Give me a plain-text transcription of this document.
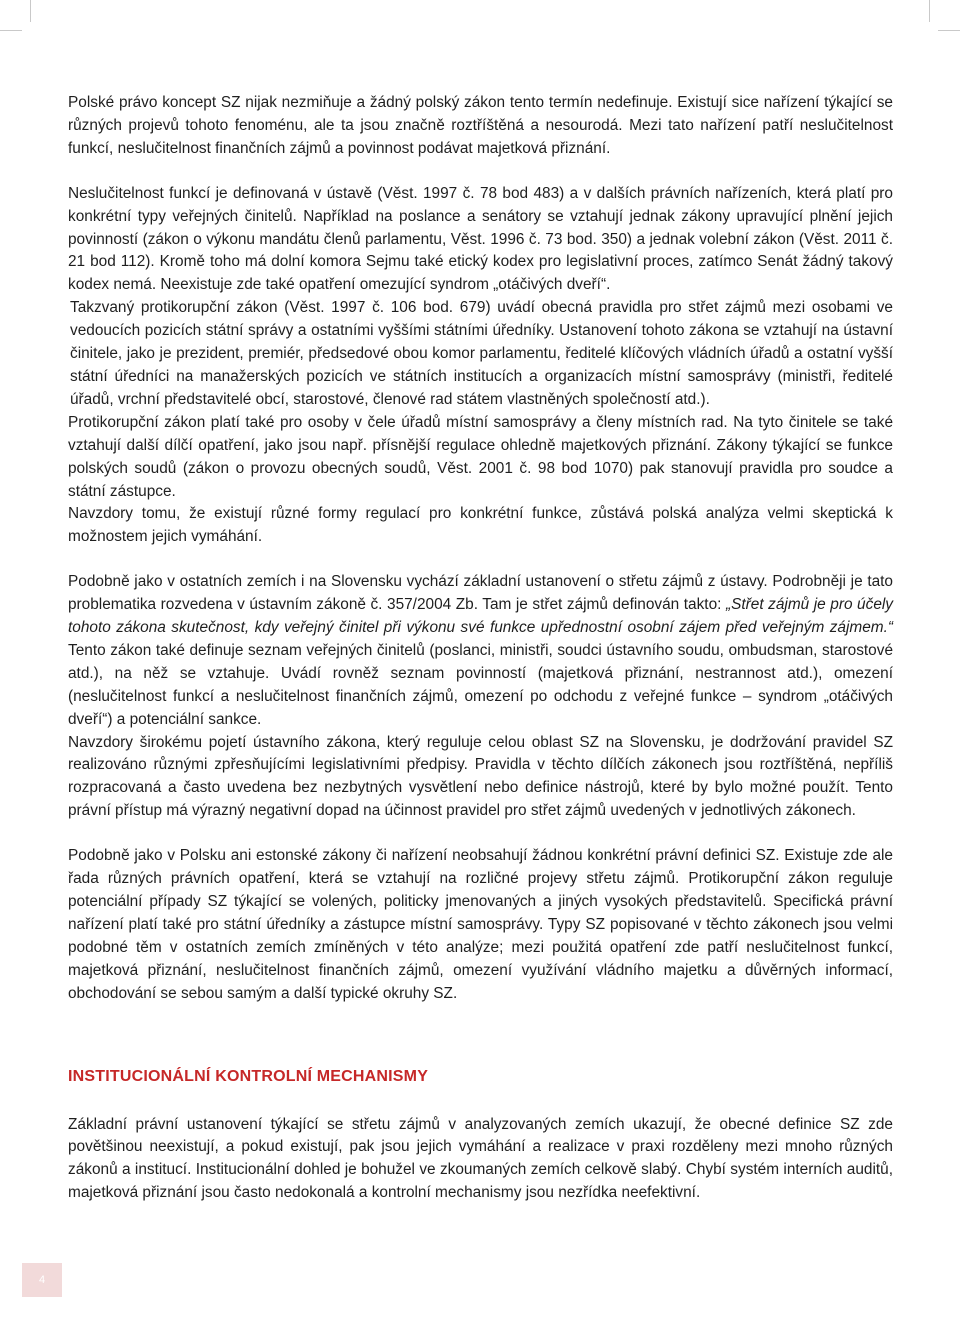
Polské právo koncept SZ nijak nezmiňuje a žádný polský zákon tento termín nedefinuje. Existují sice nařízení týkající se různých projevů tohoto fenoménu, ale ta jsou značně roztříštěná a nesourodá. Mezi tato nařízení patří neslučitelnost funkcí, neslučitelnost finančních zájmů a povinnost podávat majetková přiznání.

Neslučitelnost funkcí je definovaná v ústavě (Věst. 1997 č. 78 bod 483) a v dalších právních nařízeních, která platí pro konkrétní typy veřejných činitelů. Například na poslance a senátory se vztahují jednak zákony upravující plnění jejich povinností (zákon o výkonu mandátu členů parlamentu, Věst. 1996 č. 73 bod. 350) a jednak volební zákon (Věst. 2011 č. 21 bod 112). Kromě toho má dolní komora Sejmu také etický kodex pro legislativní proces, zatímco Senát žádný takový kodex nemá. Neexistuje zde také opatření omezující syndrom „otáčivých dveří“.

Takzvaný protikorupční zákon (Věst. 1997 č. 106 bod. 679) uvádí obecná pravidla pro střet zájmů mezi osobami ve vedoucích pozicích státní správy a ostatními vyššími státními úředníky. Ustanovení tohoto zákona se vztahují na ústavní činitele, jako je prezident, premiér, předsedové obou komor parlamentu, ředitelé klíčových vládních úřadů a ostatní vyšší státní úředníci na manažerských pozicích ve státních institucích a organizacích místní samosprávy (ministři, ředitelé úřadů, vrchní představitelé obcí, starostové, členové rad státem vlastněných společností atd.).

Protikorupční zákon platí také pro osoby v čele úřadů místní samosprávy a členy místních rad. Na tyto činitele se také vztahují další dílčí opatření, jako jsou např. přísnější regulace ohledně majetkových přiznání. Zákony týkající se funkce polských soudů (zákon o provozu obecných soudů, Věst. 2001 č. 98 bod 1070) pak stanovují pravidla pro soudce a státní zástupce.

Navzdory tomu, že existují různé formy regulací pro konkrétní funkce, zůstává polská analýza velmi skeptická k možnostem jejich vymáhání.

Podobně jako v ostatních zemích i na Slovensku vychází základní ustanovení o střetu zájmů z ústavy. Podrobněji je tato problematika rozvedena v ústavním zákoně č. 357/2004 Zb. Tam je střet zájmů definován takto: „Střet zájmů je pro účely tohoto zákona skutečnost, kdy veřejný činitel při výkonu své funkce upřednostní osobní zájem před veřejným zájmem.“ Tento zákon také definuje seznam veřejných činitelů (poslanci, ministři, soudci ústavního soudu, ombudsman, starostové atd.), na něž se vztahuje. Uvádí rovněž seznam povinností (majetková přiznání, nestrannost atd.), omezení (neslučitelnost funkcí a neslučitelnost finančních zájmů, omezení po odchodu z veřejné funkce – syndrom „otáčivých dveří“) a potenciální sankce.

Navzdory širokému pojetí ústavního zákona, který reguluje celou oblast SZ na Slovensku, je dodržování pravidel SZ realizováno různými zpřesňujícími legislativními předpisy. Pravidla v těchto dílčích zákonech jsou roztříštěná, nepříliš rozpracovaná a často uvedena bez nezbytných vysvětlení nebo definice nástrojů, které by bylo možné použít. Tento právní přístup má výrazný negativní dopad na účinnost pravidel pro střet zájmů uvedených v jednotlivých zákonech.

Podobně jako v Polsku ani estonské zákony či nařízení neobsahují žádnou konkrétní právní definici SZ. Existuje zde ale řada různých právních opatření, která se vztahují na rozličné projevy střetu zájmů. Protikorupční zákon reguluje potenciální případy SZ týkající se volených, politicky jmenovaných a jiných vysokých představitelů. Specifická právní nařízení platí také pro státní úředníky a zástupce místní samosprávy. Typy SZ popisované v těchto zákonech jsou velmi podobné těm v ostatních zemích zmíněných v této analýze; mezi použitá opatření zde patří neslučitelnost funkcí, majetková přiznání, neslučitelnost finančních zájmů, omezení využívání vládního majetku a důvěrných informací, obchodování se sebou samým a další typické okruhy SZ.

INSTITUCIONÁLNÍ KONTROLNÍ MECHANISMY

Základní právní ustanovení týkající se střetu zájmů v analyzovaných zemích ukazují, že obecné definice SZ zde povětšinou neexistují, a pokud existují, pak jsou jejich vymáhání a realizace v praxi rozděleny mezi mnoho různých zákonů a institucí. Institucionální dohled je bohužel ve zkoumaných zemích celkově slabý. Chybí systém interních auditů, majetková přiznání jsou často nedokonalá a kontrolní mechanismy jsou nezřídka neefektivní.

4
